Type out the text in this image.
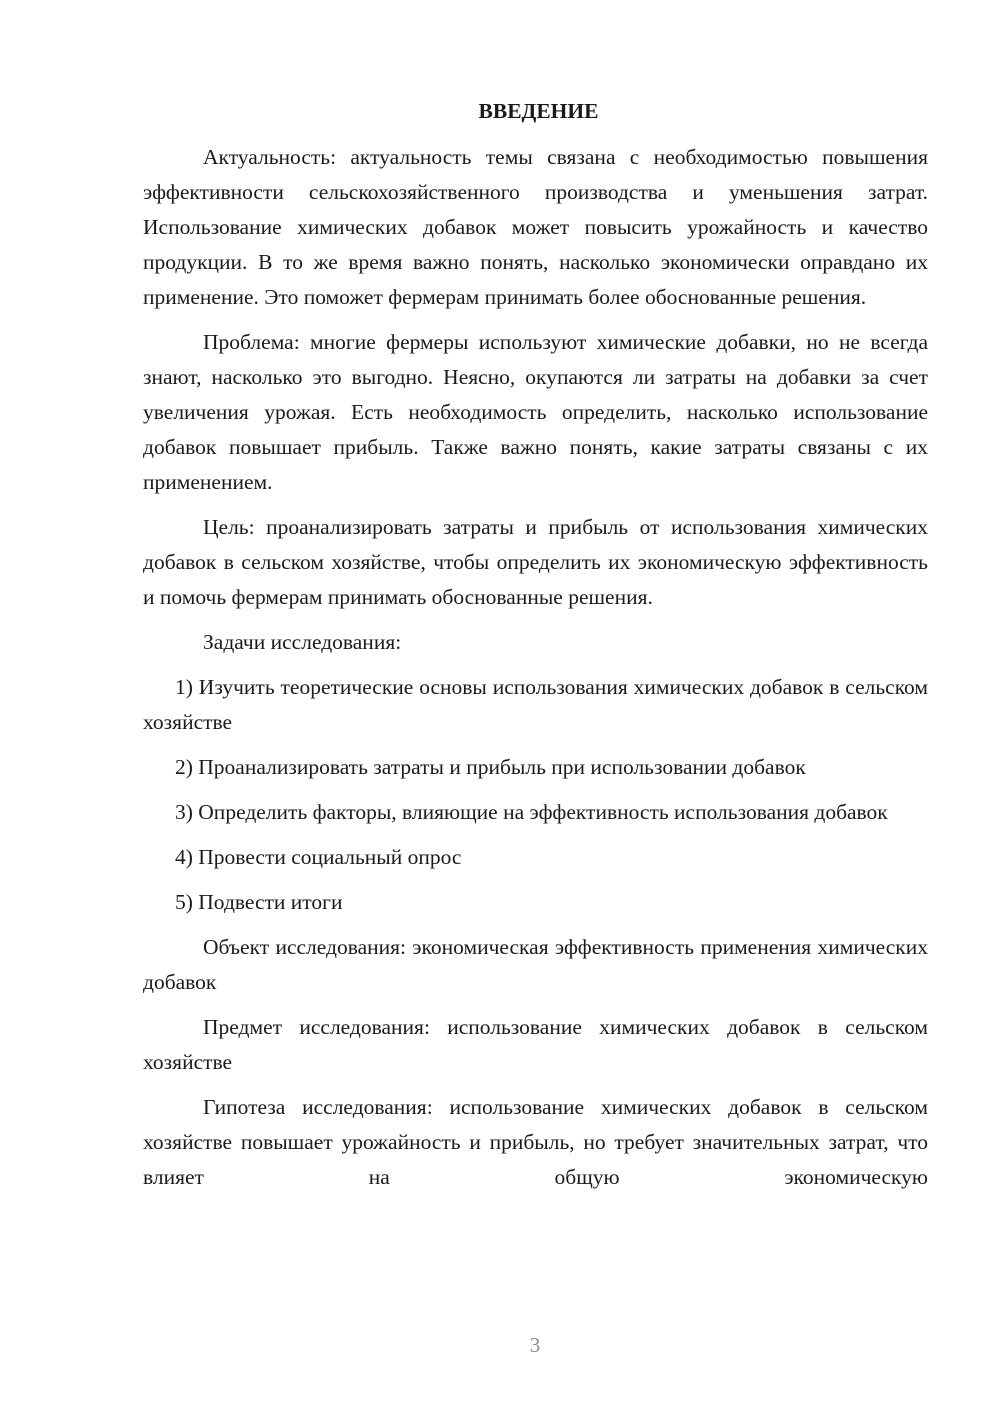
ВВЕДЕНИЕ

Актуальность: актуальность темы связана с необходимостью повышения эффективности сельскохозяйственного производства и уменьшения затрат. Использование химических добавок может повысить урожайность и качество продукции. В то же время важно понять, насколько экономически оправдано их применение. Это поможет фермерам принимать более обоснованные решения.

Проблема: многие фермеры используют химические добавки, но не всегда знают, насколько это выгодно. Неясно, окупаются ли затраты на добавки за счет увеличения урожая. Есть необходимость определить, насколько использование добавок повышает прибыль. Также важно понять, какие затраты связаны с их применением.

Цель: проанализировать затраты и прибыль от использования химических добавок в сельском хозяйстве, чтобы определить их экономическую эффективность и помочь фермерам принимать обоснованные решения.

Задачи исследования:

1) Изучить теоретические основы использования химических добавок в сельском хозяйстве

2) Проанализировать затраты и прибыль при использовании добавок

3) Определить факторы, влияющие на эффективность использования добавок

4) Провести социальный опрос

5) Подвести итоги

Объект исследования: экономическая эффективность применения химических добавок

Предмет исследования: использование химических добавок в сельском хозяйстве

Гипотеза исследования: использование химических добавок в сельском хозяйстве повышает урожайность и прибыль, но требует значительных затрат, что влияет на общую экономическую

3
